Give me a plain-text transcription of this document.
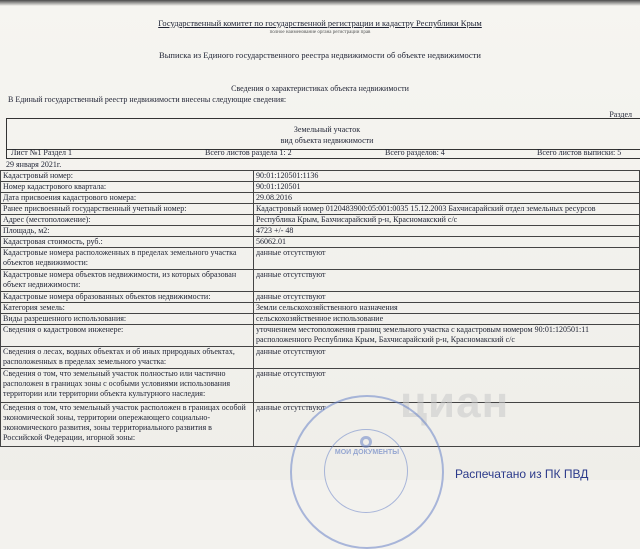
Государственный комитет по государственной регистрации и кадастру Республики Крым
полное наименование органа регистрации прав
Выписка из Единого государственного реестра недвижимости об объекте недвижимости
Сведения о характеристиках объекта недвижимости
В Единый государственный реестр недвижимости внесены следующие сведения:
Раздел
Земельный участок
вид объекта недвижимости
Лист №1 Раздел 1	Всего листов раздела 1: 2	Всего разделов: 4	Всего листов выписки: 5
29 января 2021г.
Кадастровый номер:	90:01:120501:1136
Номер кадастрового квартала:	90:01:120501
Дата присвоения кадастрового номера:	29.08.2016
Ранее присвоенный государственный учетный номер:	Кадастровый номер 0120483900:05:001:0035 15.12.2003 Бахчисарайский отдел земельных ресурсов
Адрес (местоположение):	Республика Крым, Бахчисарайский р-н, Красномакский с/с
Площадь, м2:	4723 +/- 48
Кадастровая стоимость, руб.:	56062.01
Кадастровые номера расположенных в пределах земельного участка объектов недвижимости:	данные отсутствуют
Кадастровые номера объектов недвижимости, из которых образован объект недвижимости:	данные отсутствуют
Кадастровые номера образованных объектов недвижимости:	данные отсутствуют
Категория земель:	Земли сельскохозяйственного назначения
Виды разрешенного использования:	сельскохозяйственное использование
Сведения о кадастровом инженере:	уточнением местоположения границ земельного участка с кадастровым номером 90:01:120501:11 расположенного Республика Крым, Бахчисарайский р-н, Красномакский с/с
Сведения о лесах, водных объектах и об иных природных объектах, расположенных в пределах земельного участка:	данные отсутствуют
Сведения о том, что земельный участок полностью или частично расположен в границах зоны с особыми условиями использования территории или территории объекта культурного наследия:	данные отсутствуют
Сведения о том, что земельный участок расположен в границах особой экономической зоны, территории опережающего социально-экономического развития, зоны территориального развития в Российской Федерации, игорной зоны:	данные отсутствуют циан
МОИ ДОКУМЕНТЫ
Распечатано из ПК ПВД
